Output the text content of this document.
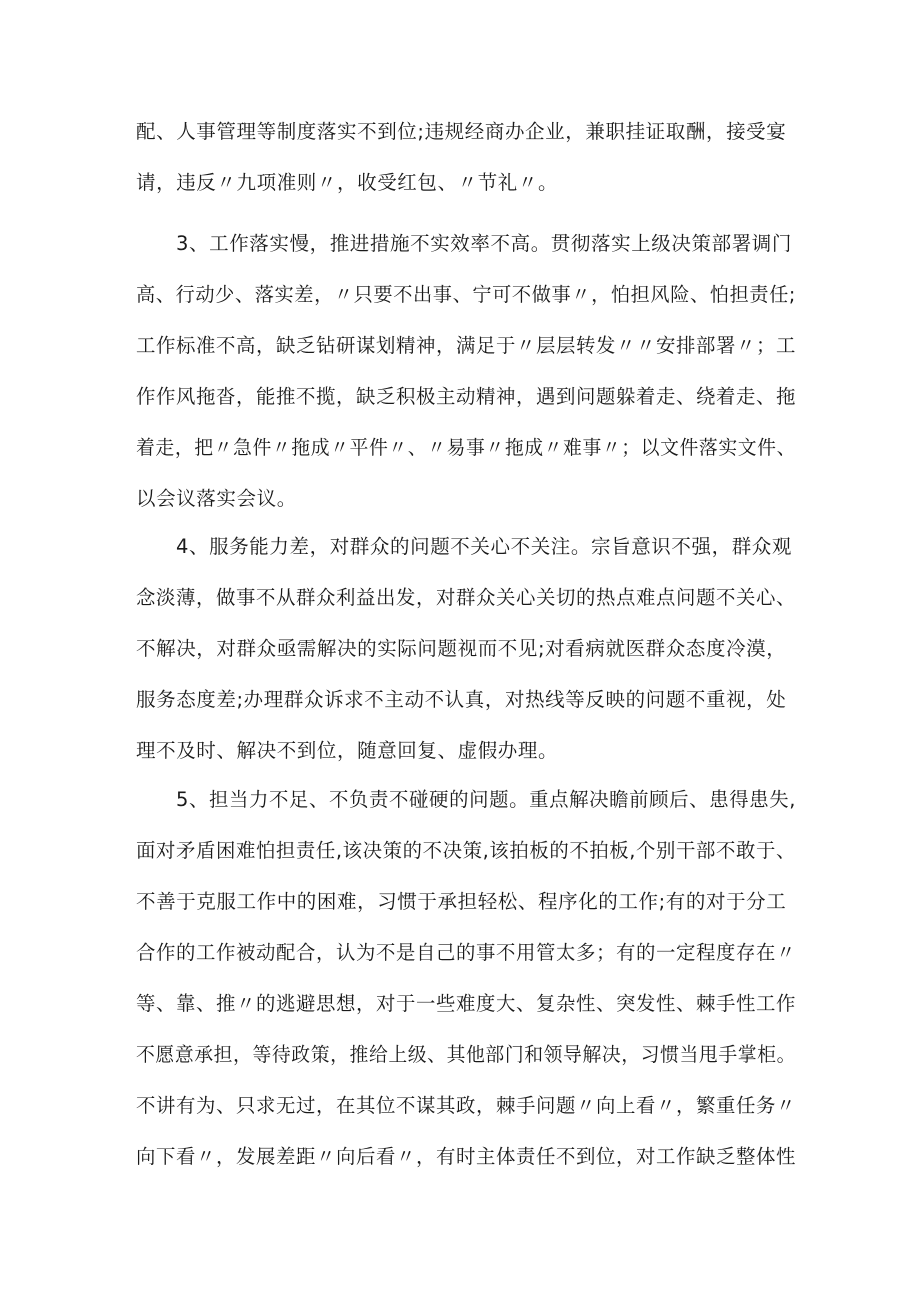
配、人事管理等制度落实不到位;违规经商办企业，兼职挂证取酬，接受宴
请，违反〃九项准则〃，收受红包、〃节礼〃。
3、工作落实慢，推进措施不实效率不高。贯彻落实上级决策部署调门
高、行动少、落实差，〃只要不出事、宁可不做事〃，怕担风险、怕担责任;
工作标准不高，缺乏钻研谋划精神，满足于〃层层转发〃〃安排部署〃；工
作作风拖沓，能推不揽，缺乏积极主动精神，遇到问题躲着走、绕着走、拖
着走，把〃急件〃拖成〃平件〃、〃易事〃拖成〃难事〃；以文件落实文件、
以会议落实会议。
4、服务能力差，对群众的问题不关心不关注。宗旨意识不强，群众观
念淡薄，做事不从群众利益出发，对群众关心关切的热点难点问题不关心、
不解决，对群众亟需解决的实际问题视而不见;对看病就医群众态度冷漠，
服务态度差;办理群众诉求不主动不认真，对热线等反映的问题不重视，处
理不及时、解决不到位，随意回复、虚假办理。
5、担当力不足、不负责不碰硬的问题。重点解决瞻前顾后、患得患失,
面对矛盾困难怕担责任,该决策的不决策,该拍板的不拍板,个别干部不敢于、
不善于克服工作中的困难，习惯于承担轻松、程序化的工作;有的对于分工
合作的工作被动配合，认为不是自己的事不用管太多；有的一定程度存在〃
等、靠、推〃的逃避思想，对于一些难度大、复杂性、突发性、棘手性工作
不愿意承担，等待政策，推给上级、其他部门和领导解决，习惯当甩手掌柜。
不讲有为、只求无过，在其位不谋其政，棘手问题〃向上看〃，繁重任务〃
向下看〃，发展差距〃向后看〃，有时主体责任不到位，对工作缺乏整体性
